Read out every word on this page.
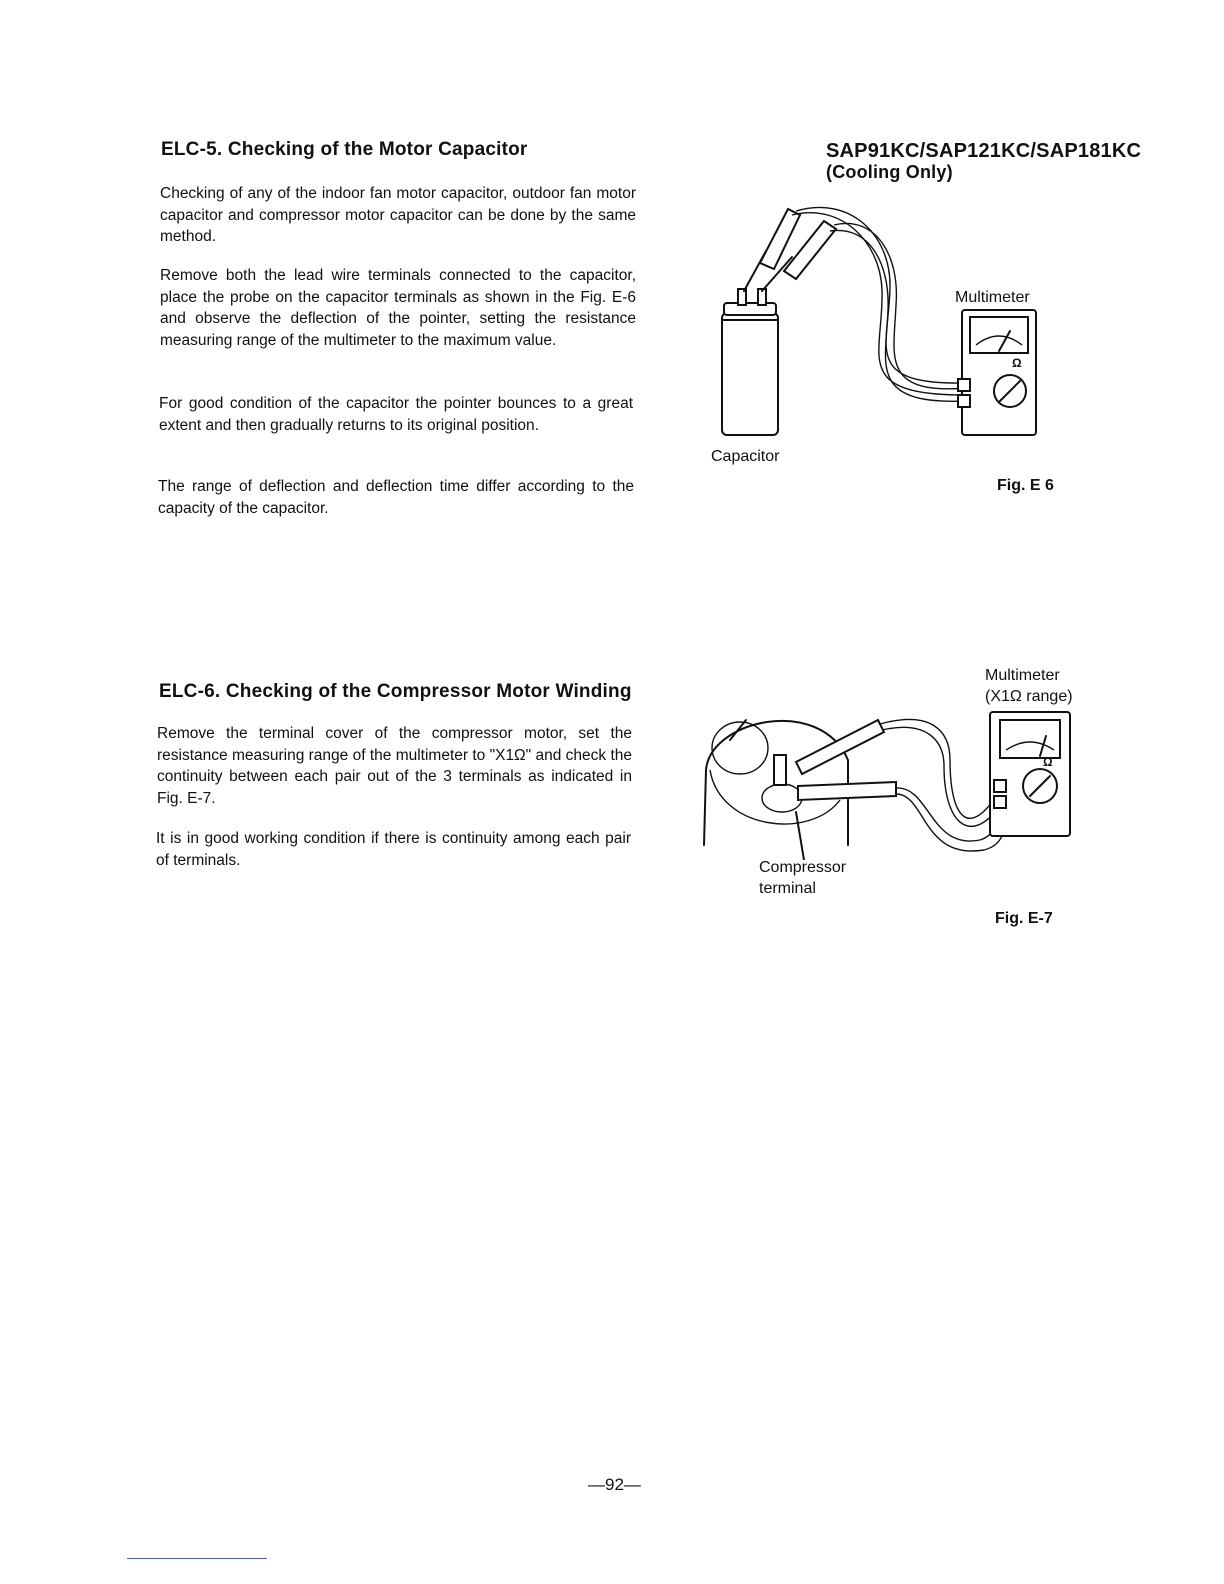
SAP91KC/SAP121KC/SAP181KC
(Cooling Only)
ELC-5. Checking of the Motor Capacitor
Checking of any of the indoor fan motor capacitor, outdoor fan motor capacitor and compressor motor capacitor can be done by the same method.
Remove both the lead wire terminals connected to the capacitor, place the probe on the capacitor terminals as shown in the Fig. E-6 and observe the deflection of the pointer, setting the resistance measuring range of the multimeter to the maximum value.
For good condition of the capacitor the pointer bounces to a great extent and then gradually returns to its original position.
The range of deflection and deflection time differ according to the capacity of the capacitor.
Ω
Multimeter
Capacitor
Fig. E 6
ELC-6. Checking of the Compressor Motor Winding
Remove the terminal cover of the compressor motor, set the resistance measuring range of the multimeter to "X1Ω" and check the continuity between each pair out of the 3 terminals as indicated in Fig. E-7.
It is in good working condition if there is continuity among each pair of terminals.
Ω
Multimeter
(X1Ω range)
Compressor
terminal
Fig. E-7
—92—
